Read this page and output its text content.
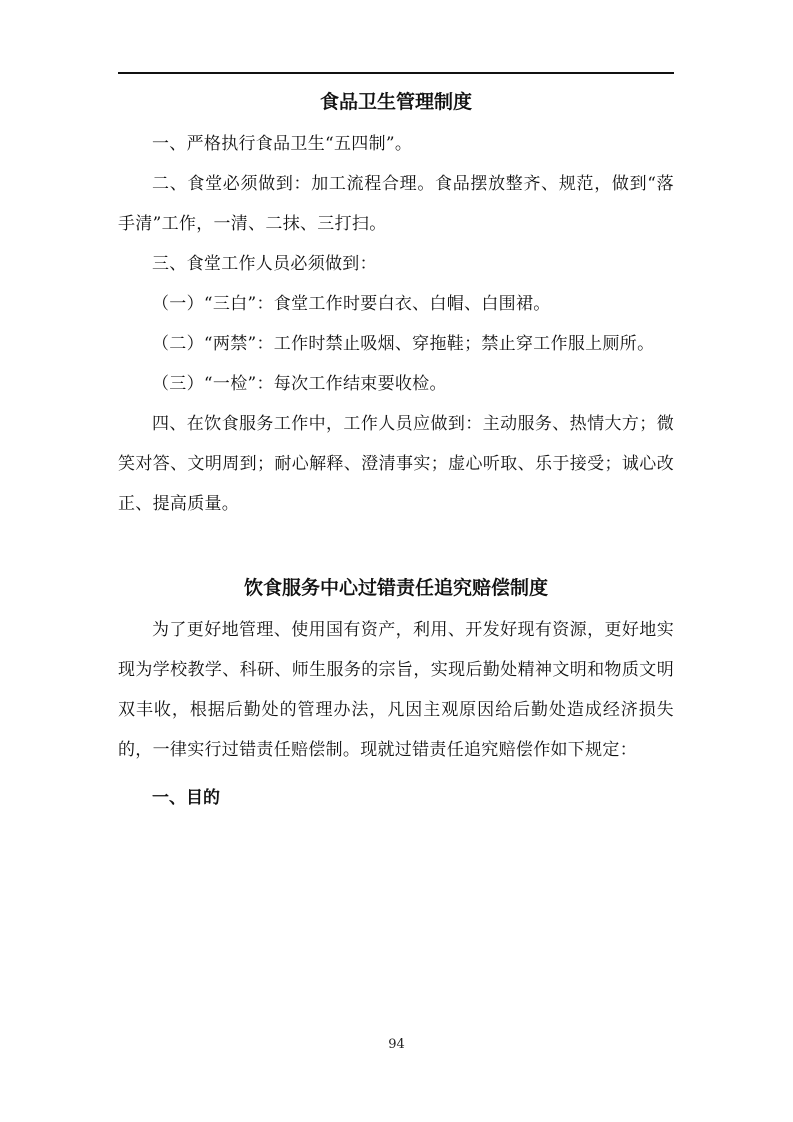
食品卫生管理制度

一、严格执行食品卫生“五四制”。

二、食堂必须做到：加工流程合理。食品摆放整齐、规范，做到“落手清”工作，一清、二抹、三打扫。

三、食堂工作人员必须做到：

（一）“三白”：食堂工作时要白衣、白帽、白围裙。

（二）“两禁”：工作时禁止吸烟、穿拖鞋；禁止穿工作服上厕所。

（三）“一检”：每次工作结束要收检。

四、在饮食服务工作中，工作人员应做到：主动服务、热情大方；微笑对答、文明周到；耐心解释、澄清事实；虚心听取、乐于接受；诚心改正、提高质量。

饮食服务中心过错责任追究赔偿制度

为了更好地管理、使用国有资产，利用、开发好现有资源，更好地实现为学校教学、科研、师生服务的宗旨，实现后勤处精神文明和物质文明双丰收，根据后勤处的管理办法，凡因主观原因给后勤处造成经济损失的，一律实行过错责任赔偿制。现就过错责任追究赔偿作如下规定：

一、目的

94
